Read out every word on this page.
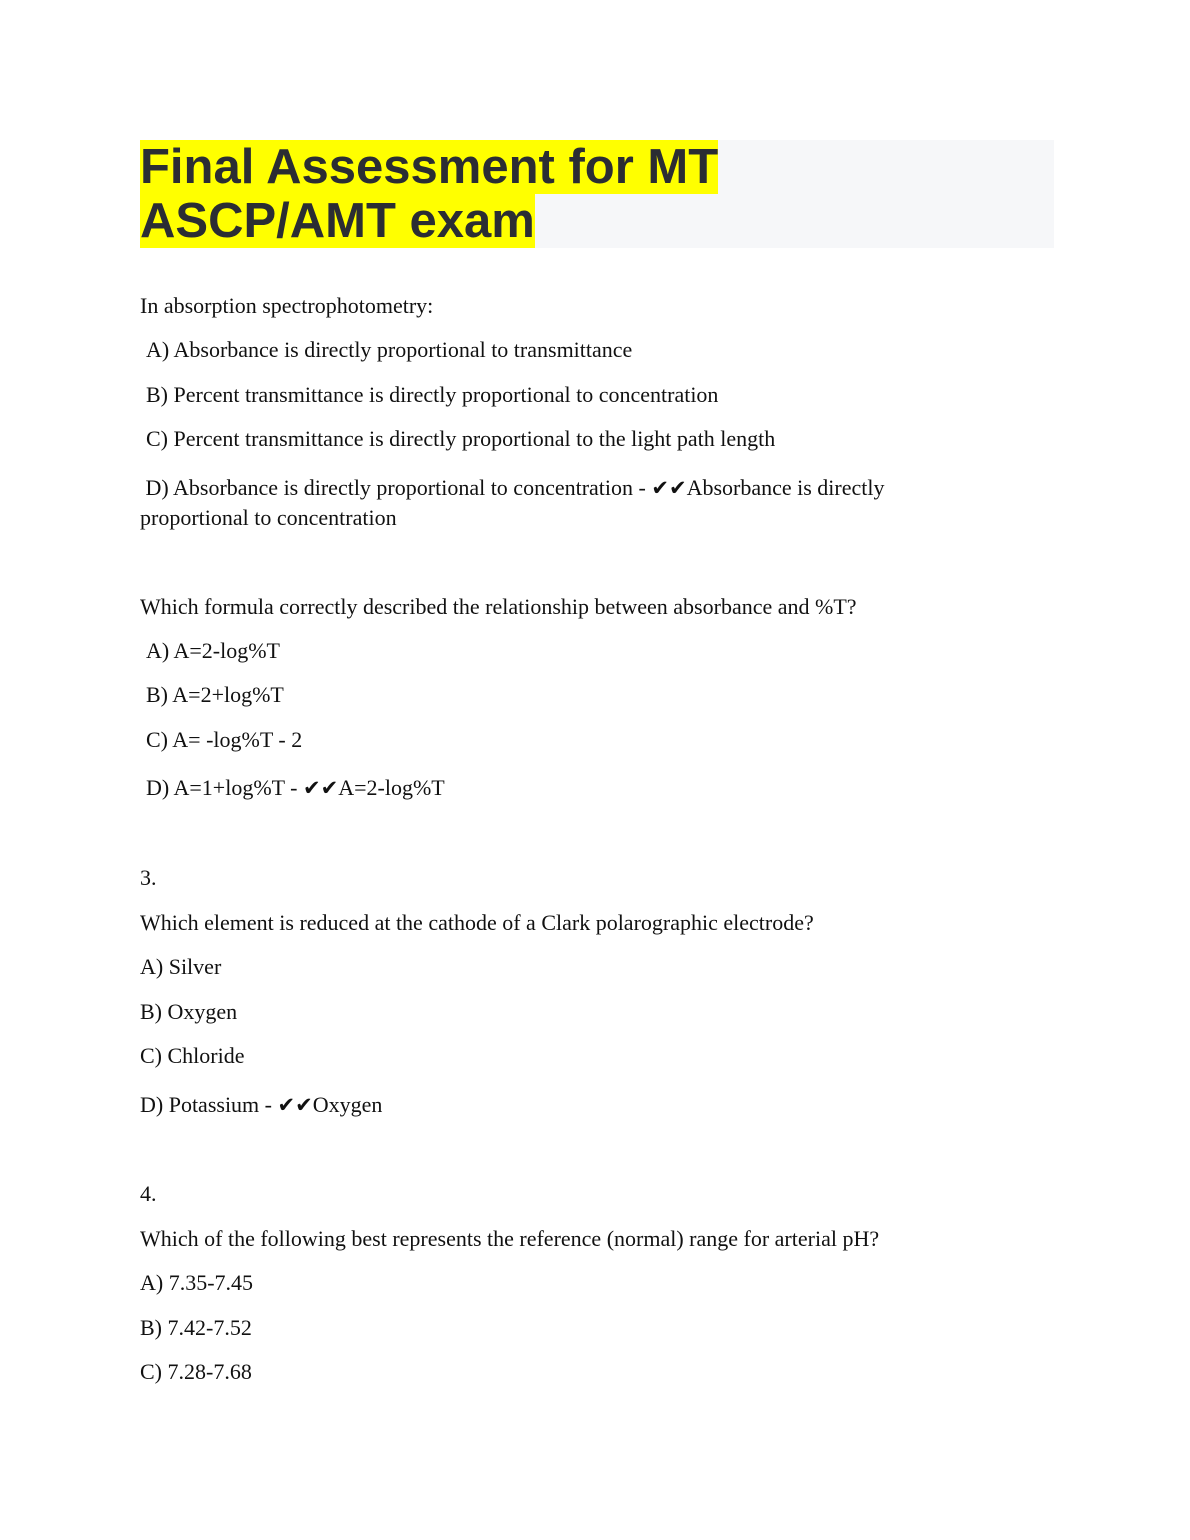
Final Assessment for MT ASCP/AMT exam
In absorption spectrophotometry:
A) Absorbance is directly proportional to transmittance
B) Percent transmittance is directly proportional to concentration
C) Percent transmittance is directly proportional to the light path length
D) Absorbance is directly proportional to concentration - ✔✔Absorbance is directly proportional to concentration
Which formula correctly described the relationship between absorbance and %T?
A) A=2-log%T
B) A=2+log%T
C) A= -log%T - 2
D) A=1+log%T - ✔✔A=2-log%T
3.
Which element is reduced at the cathode of a Clark polarographic electrode?
A) Silver
B) Oxygen
C) Chloride
D) Potassium - ✔✔Oxygen
4.
Which of the following best represents the reference (normal) range for arterial pH?
A) 7.35-7.45
B) 7.42-7.52
C) 7.28-7.68
